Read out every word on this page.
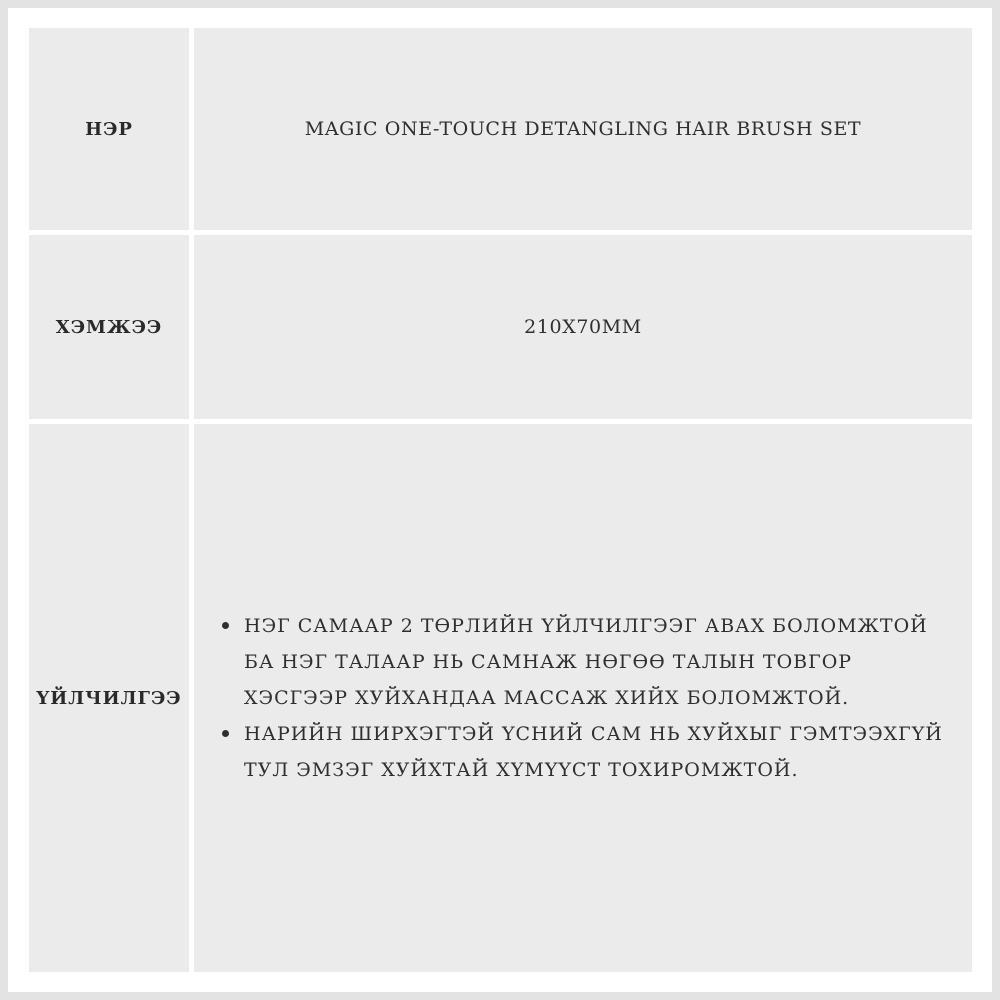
НЭР	MAGIC ONE-TOUCH DETANGLING HAIR BRUSH SET
ХЭМЖЭЭ	210X70MM
ҮЙЛЧИЛГЭЭ
НЭГ САМААР 2 ТӨРЛИЙН ҮЙЛЧИЛГЭЭГ АВАХ БОЛОМЖТОЙ БА НЭГ ТАЛААР НЬ САМНАЖ НӨГӨӨ ТАЛЫН ТОВГОР ХЭСГЭЭР ХУЙХАНДАА МАССАЖ ХИЙХ БОЛОМЖТОЙ.
НАРИЙН ШИРХЭГТЭЙ ҮСНИЙ САМ НЬ ХУЙХЫГ ГЭМТЭЭХГҮЙ ТУЛ ЭМЗЭГ ХУЙХТАЙ ХҮМҮҮСТ ТОХИРОМЖТОЙ.
